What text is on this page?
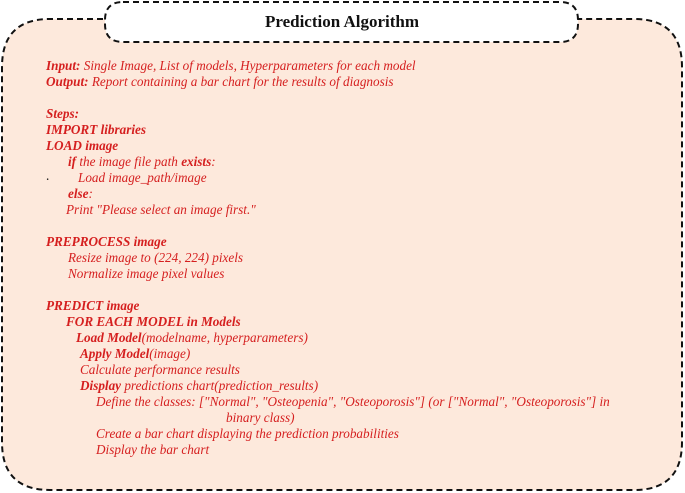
Prediction Algorithm
Input: Single Image, List of models, Hyperparameters for each model
Output: Report containing a bar chart for the results of diagnosis
Steps:
IMPORT libraries
LOAD image
if the image file path exists:
. Load image_path/image
else:
Print "Please select an image first."
PREPROCESS image
Resize image to (224, 224) pixels
Normalize image pixel values
PREDICT image
FOR EACH MODEL in Models
Load Model(modelname, hyperparameters)
Apply Model(image)
Calculate performance results
Display predictions chart(prediction_results)
Define the classes: ["Normal", "Osteopenia", "Osteoporosis"] (or ["Normal", "Osteoporosis"] in
binary class)
Create a bar chart displaying the prediction probabilities
Display the bar chart
